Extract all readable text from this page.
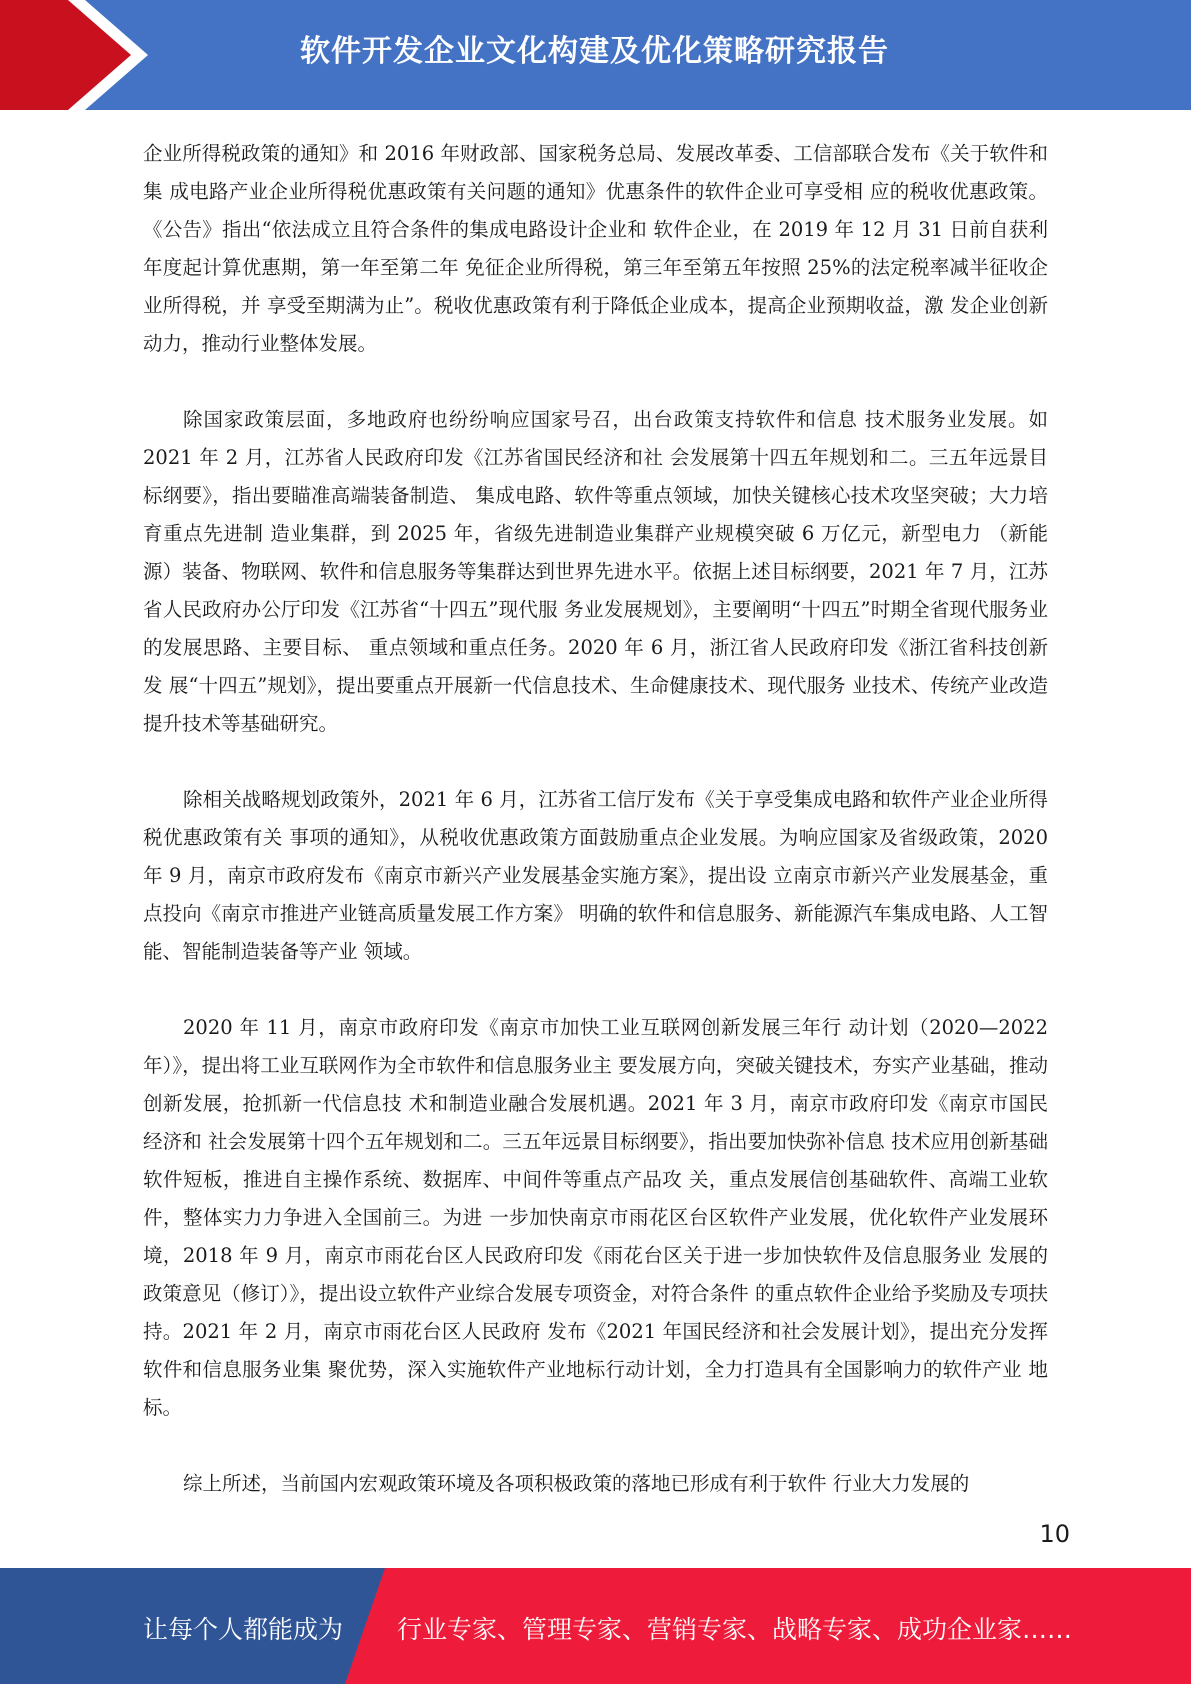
软件开发企业文化构建及优化策略研究报告

企业所得税政策的通知》和 2016 年财政部、国家税务总局、发展改革委、工信部联合发布《关于软件和集 成电路产业企业所得税优惠政策有关问题的通知》优惠条件的软件企业可享受相 应的税收优惠政策。《公告》指出“依法成立且符合条件的集成电路设计企业和 软件企业，在 2019 年 12 月 31 日前自获利年度起计算优惠期，第一年至第二年 免征企业所得税，第三年至第五年按照 25%的法定税率减半征收企业所得税，并 享受至期满为止”。税收优惠政策有利于降低企业成本，提高企业预期收益，激 发企业创新动力，推动行业整体发展。

除国家政策层面，多地政府也纷纷响应国家号召，出台政策支持软件和信息 技术服务业发展。如 2021 年 2 月，江苏省人民政府印发《江苏省国民经济和社 会发展第十四五年规划和二。三五年远景目标纲要》，指出要瞄准高端装备制造、 集成电路、软件等重点领域，加快关键核心技术攻坚突破；大力培育重点先进制 造业集群，到 2025 年，省级先进制造业集群产业规模突破 6 万亿元，新型电力 （新能源）装备、物联网、软件和信息服务等集群达到世界先进水平。依据上述目标纲要，2021 年 7 月，江苏省人民政府办公厅印发《江苏省“十四五”现代服 务业发展规划》，主要阐明“十四五”时期全省现代服务业的发展思路、主要目标、 重点领域和重点任务。2020 年 6 月，浙江省人民政府印发《浙江省科技创新发 展“十四五”规划》，提出要重点开展新一代信息技术、生命健康技术、现代服务 业技术、传统产业改造提升技术等基础研究。

除相关战略规划政策外，2021 年 6 月，江苏省工信厅发布《关于享受集成电路和软件产业企业所得税优惠政策有关 事项的通知》，从税收优惠政策方面鼓励重点企业发展。为响应国家及省级政策，2020 年 9 月，南京市政府发布《南京市新兴产业发展基金实施方案》，提出设 立南京市新兴产业发展基金，重点投向《南京市推进产业链高质量发展工作方案》 明确的软件和信息服务、新能源汽车集成电路、人工智能、智能制造装备等产业 领域。

2020 年 11 月，南京市政府印发《南京市加快工业互联网创新发展三年行 动计划（2020—2022 年）》，提出将工业互联网作为全市软件和信息服务业主 要发展方向，突破关键技术，夯实产业基础，推动创新发展，抢抓新一代信息技 术和制造业融合发展机遇。2021 年 3 月，南京市政府印发《南京市国民经济和 社会发展第十四个五年规划和二。三五年远景目标纲要》，指出要加快弥补信息 技术应用创新基础软件短板，推进自主操作系统、数据库、中间件等重点产品攻 关，重点发展信创基础软件、高端工业软件，整体实力力争进入全国前三。为进 一步加快南京市雨花区台区软件产业发展，优化软件产业发展环境，2018 年 9 月，南京市雨花台区人民政府印发《雨花台区关于进一步加快软件及信息服务业 发展的政策意见（修订）》，提出设立软件产业综合发展专项资金，对符合条件 的重点软件企业给予奖励及专项扶持。2021 年 2 月，南京市雨花台区人民政府 发布《2021 年国民经济和社会发展计划》，提出充分发挥软件和信息服务业集 聚优势，深入实施软件产业地标行动计划，全力打造具有全国影响力的软件产业 地标。

综上所述，当前国内宏观政策环境及各项积极政策的落地已形成有利于软件 行业大力发展的

10
让每个人都能成为 行业专家、管理专家、营销专家、战略专家、成功企业家……
